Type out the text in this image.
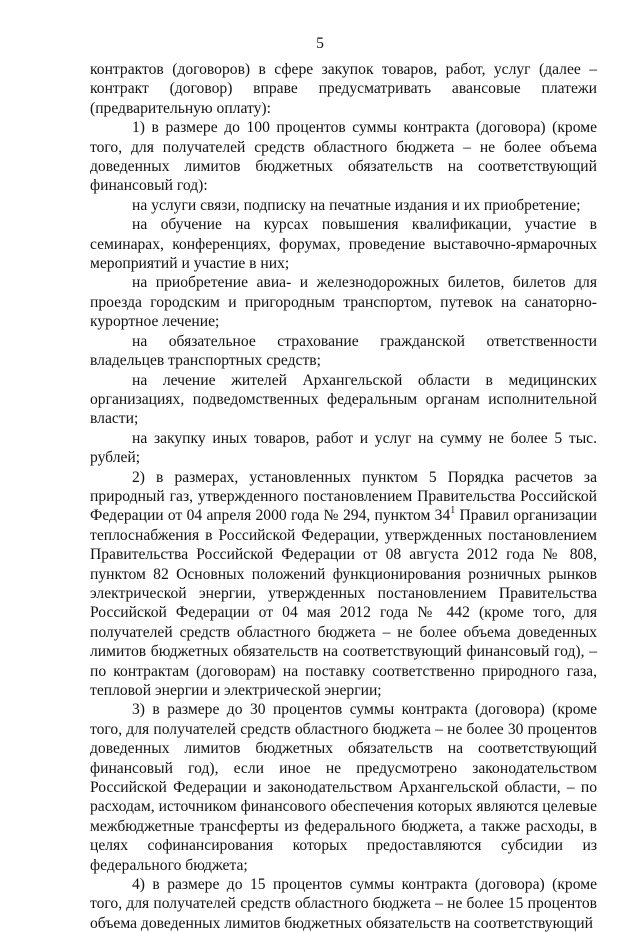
5

контрактов (договоров) в сфере закупок товаров, работ, услуг (далее – контракт (договор) вправе предусматривать авансовые платежи (предварительную оплату):

1) в размере до 100 процентов суммы контракта (договора) (кроме того, для получателей средств областного бюджета – не более объема доведенных лимитов бюджетных обязательств на соответствующий финансовый год):

на услуги связи, подписку на печатные издания и их приобретение;

на обучение на курсах повышения квалификации, участие в семинарах, конференциях, форумах, проведение выставочно-ярмарочных мероприятий и участие в них;

на приобретение авиа- и железнодорожных билетов, билетов для проезда городским и пригородным транспортом, путевок на санаторно-курортное лечение;

на обязательное страхование гражданской ответственности владельцев транспортных средств;

на лечение жителей Архангельской области в медицинских организациях, подведомственных федеральным органам исполнительной власти;

на закупку иных товаров, работ и услуг на сумму не более 5 тыс. рублей;

2) в размерах, установленных пунктом 5 Порядка расчетов за природный газ, утвержденного постановлением Правительства Российской Федерации от 04 апреля 2000 года № 294, пунктом $34^1$ Правил организации теплоснабжения в Российской Федерации, утвержденных постановлением Правительства Российской Федерации от 08 августа 2012 года № 808, пунктом 82 Основных положений функционирования розничных рынков электрической энергии, утвержденных постановлением Правительства Российской Федерации от 04 мая 2012 года № 442 (кроме того, для получателей средств областного бюджета – не более объема доведенных лимитов бюджетных обязательств на соответствующий финансовый год), – по контрактам (договорам) на поставку соответственно природного газа, тепловой энергии и электрической энергии;

3) в размере до 30 процентов суммы контракта (договора) (кроме того, для получателей средств областного бюджета – не более 30 процентов доведенных лимитов бюджетных обязательств на соответствующий финансовый год), если иное не предусмотрено законодательством Российской Федерации и законодательством Архангельской области, – по расходам, источником финансового обеспечения которых являются целевые межбюджетные трансферты из федерального бюджета, а также расходы, в целях софинансирования которых предоставляются субсидии из федерального бюджета;

4) в размере до 15 процентов суммы контракта (договора) (кроме того, для получателей средств областного бюджета – не более 15 процентов объема доведенных лимитов бюджетных обязательств на соответствующий
